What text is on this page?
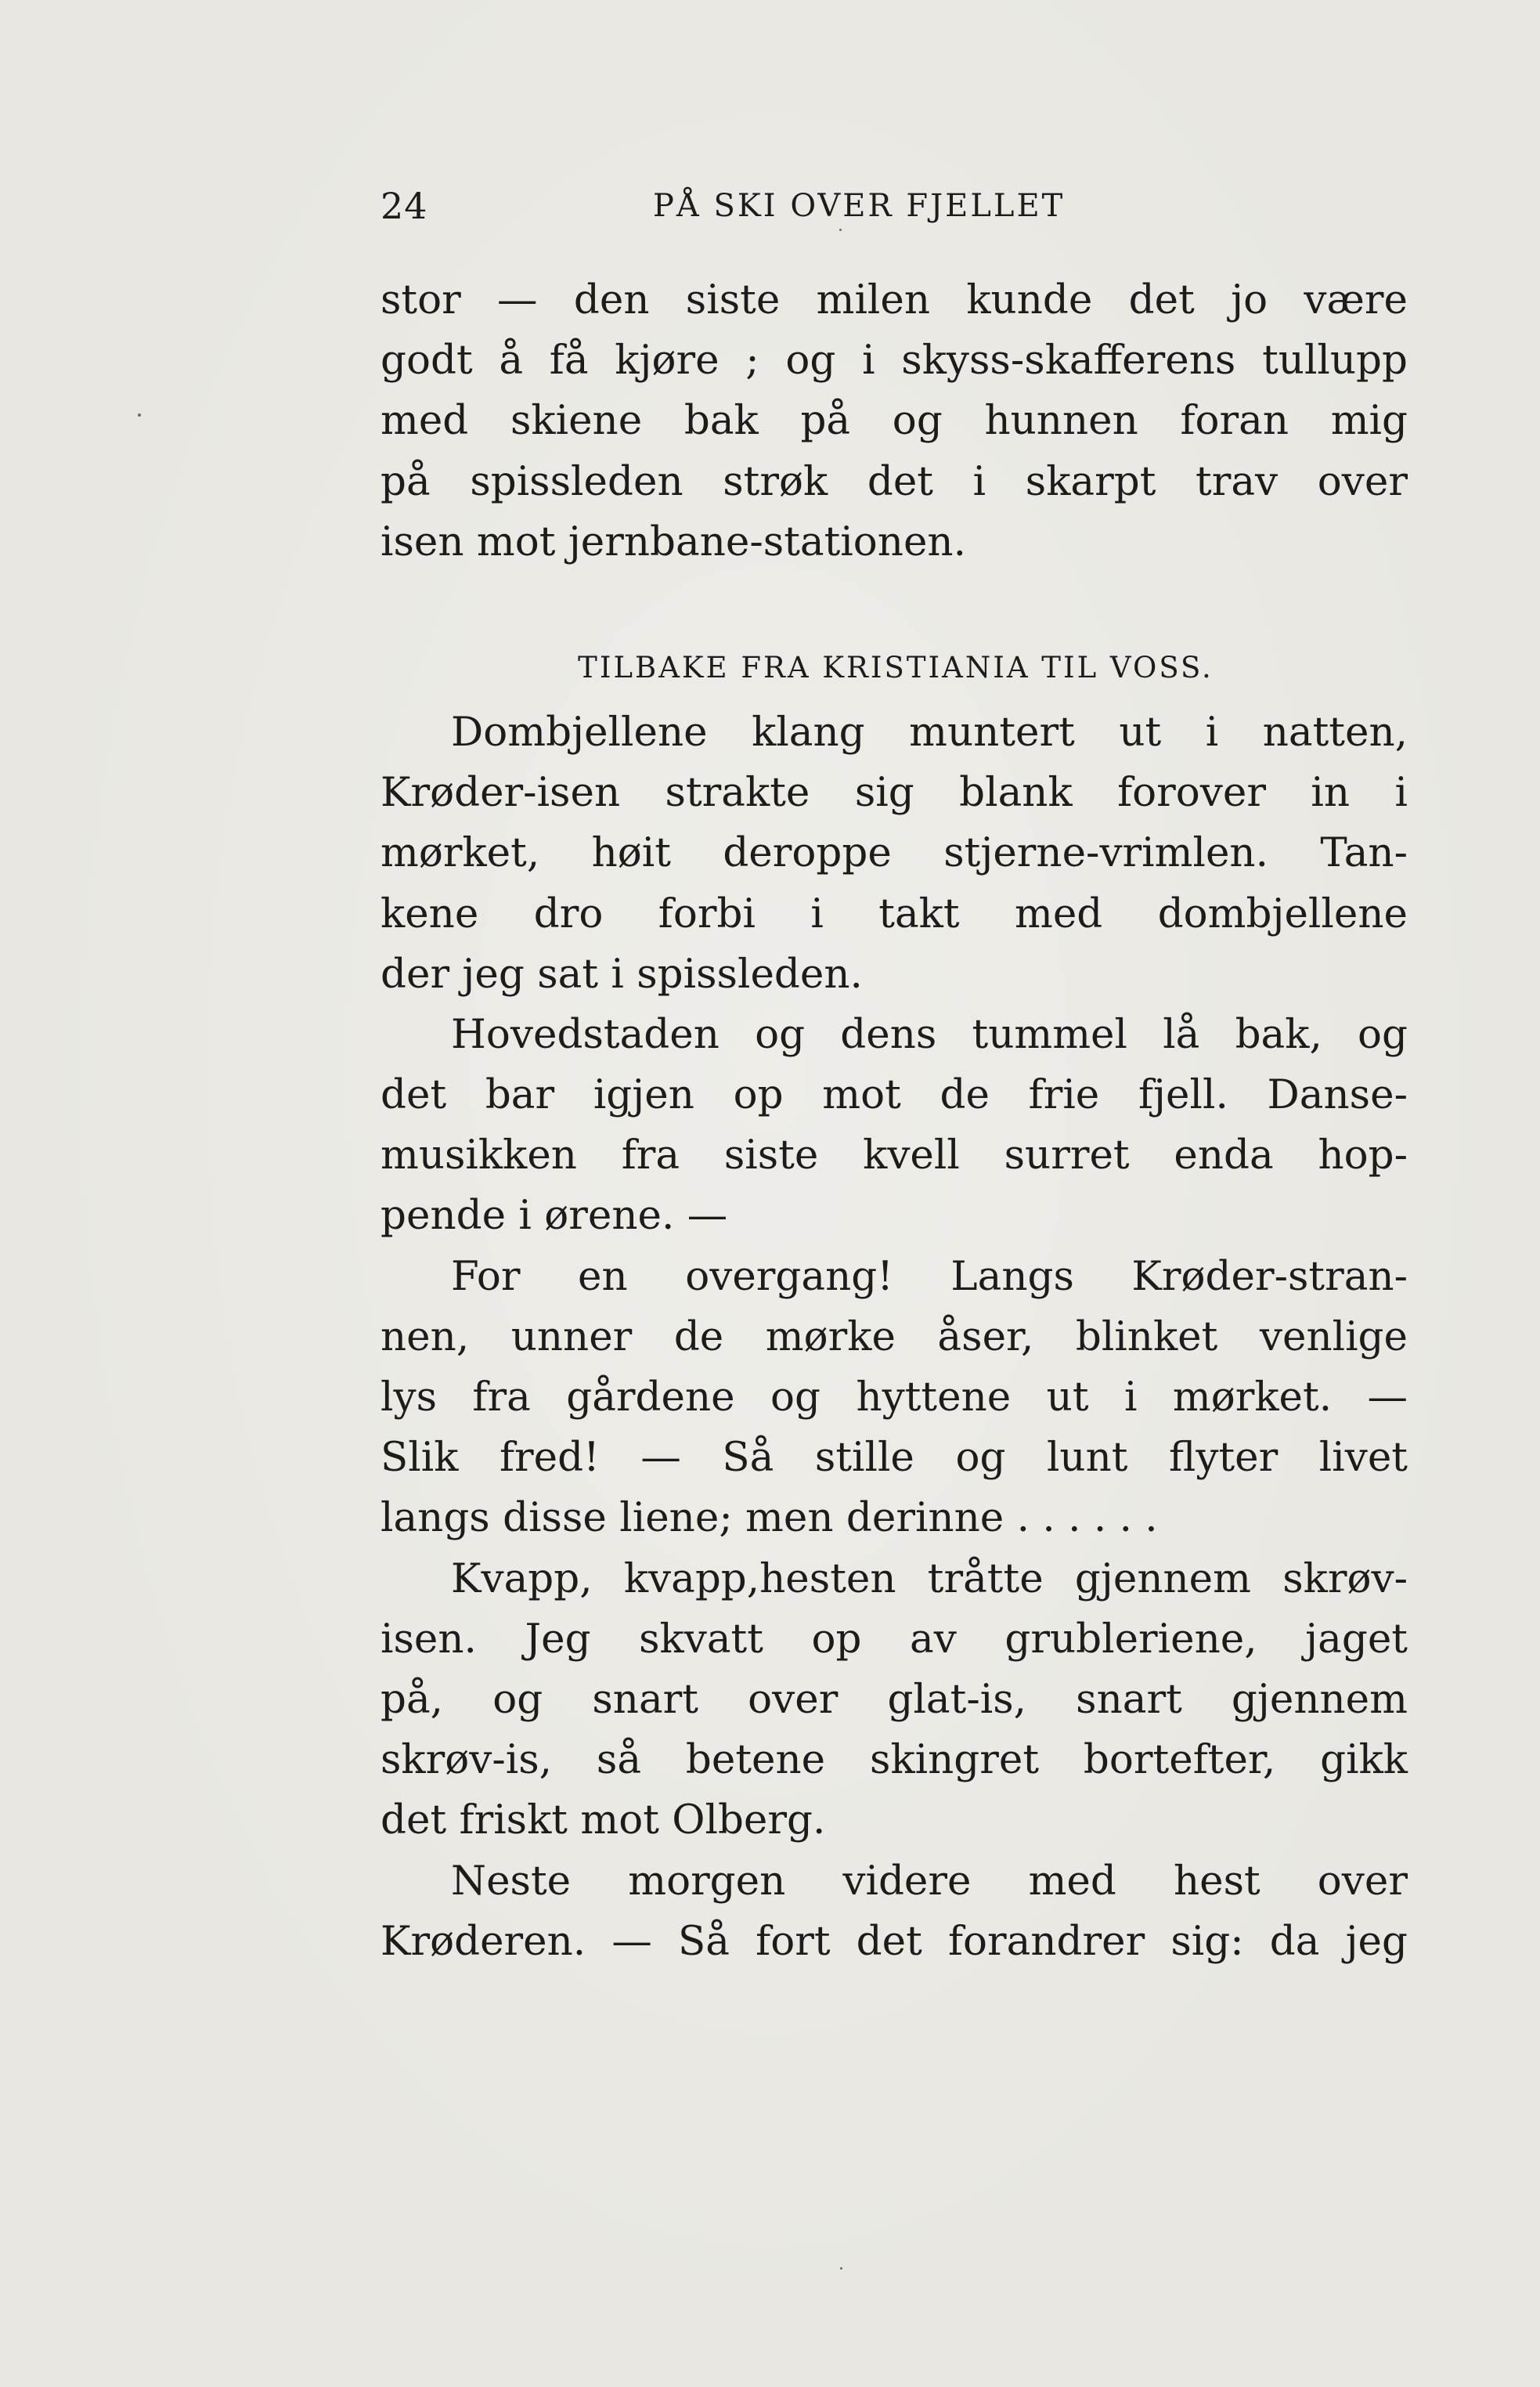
24	PÅ SKI OVER FJELLET
stor — den siste milen kunde det jo være
godt å få kjøre ; og i skyss-skafferens tullupp
med skiene bak på og hunnen foran mig
på spissleden strøk det i skarpt trav over
isen mot jernbane-stationen.
TILBAKE FRA KRISTIANIA TIL VOSS.
Dombjellene klang muntert ut i natten,
Krøder-isen strakte sig blank forover in i
mørket, høit deroppe stjerne-vrimlen. Tan-
kene dro forbi i takt med dombjellene
der jeg sat i spissleden.
Hovedstaden og dens tummel lå bak, og
det bar igjen op mot de frie fjell. Danse-
musikken fra siste kvell surret enda hop-
pende i ørene. —
For en overgang! Langs Krøder-stran-
nen, unner de mørke åser, blinket venlige
lys fra gårdene og hyttene ut i mørket. —
Slik fred! — Så stille og lunt flyter livet
langs disse liene; men derinne . . . . . .
Kvapp, kvapp,hesten tråtte gjennem skrøv-
isen. Jeg skvatt op av grubleriene, jaget
på, og snart over glat-is, snart gjennem
skrøv-is, så betene skingret bortefter, gikk
det friskt mot Olberg.
Neste morgen videre med hest over
Krøderen. — Så fort det forandrer sig: da jeg
